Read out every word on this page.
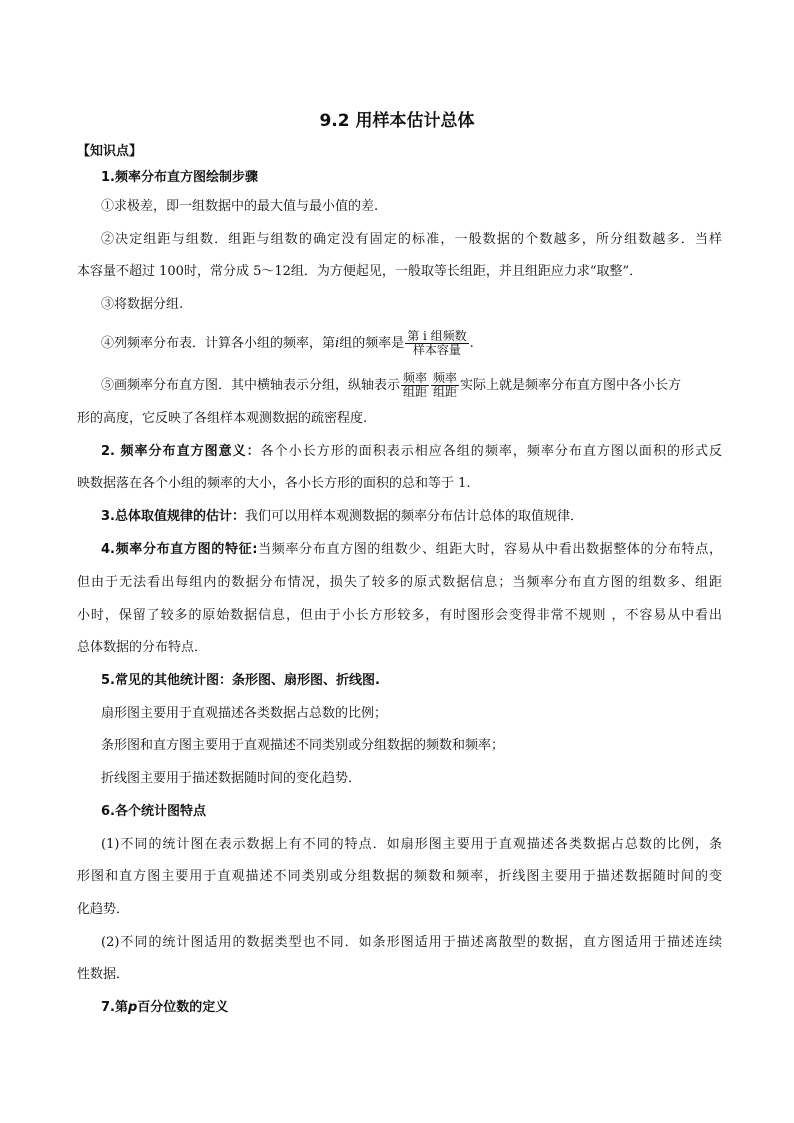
9.2 用样本估计总体
【知识点】
1.频率分布直方图绘制步骤
①求极差，即一组数据中的最大值与最小值的差.
②决定组距与组数．组距与组数的确定没有固定的标准，一般数据的个数越多，所分组数越多．当样
本容量不超过 100时，常分成 5～12组．为方便起见，一般取等长组距，并且组距应力求“取整”．
③将数据分组.
④列频率分布表．计算各小组的频率，第i组的频率是 $\frac{\text{第 i 组频数}}{\text{样本容量}}$ .
⑤画频率分布直方图．其中横轴表示分组，纵轴表示 $\frac{\text{频率}}{\text{组距}} \frac{\text{频率}}{\text{组距}}$ 实际上就是频率分布直方图中各小长方
形的高度，它反映了各组样本观测数据的疏密程度.
2. 频率分布直方图意义：各个小长方形的面积表示相应各组的频率，频率分布直方图以面积的形式反
映数据落在各个小组的频率的大小，各小长方形的面积的总和等于 1.
3.总体取值规律的估计：我们可以用样本观测数据的频率分布估计总体的取值规律．
4.频率分布直方图的特征:当频率分布直方图的组数少、组距大时，容易从中看出数据整体的分布特点，
但由于无法看出每组内的数据分布情况，损失了较多的原式数据信息；当频率分布直方图的组数多、组距
小时，保留了较多的原始数据信息，但由于小长方形较多，有时图形会变得非常不规则 ，不容易从中看出
总体数据的分布特点．
5.常见的其他统计图：条形图、扇形图、折线图.
扇形图主要用于直观描述各类数据占总数的比例；
条形图和直方图主要用于直观描述不同类别或分组数据的频数和频率；
折线图主要用于描述数据随时间的变化趋势．
6.各个统计图特点
(1)不同的统计图在表示数据上有不同的特点．如扇形图主要用于直观描述各类数据占总数的比例，条
形图和直方图主要用于直观描述不同类别或分组数据的频数和频率，折线图主要用于描述数据随时间的变
化趋势．
(2)不同的统计图适用的数据类型也不同．如条形图适用于描述离散型的数据，直方图适用于描述连续
性数据．
7.第p百分位数的定义
